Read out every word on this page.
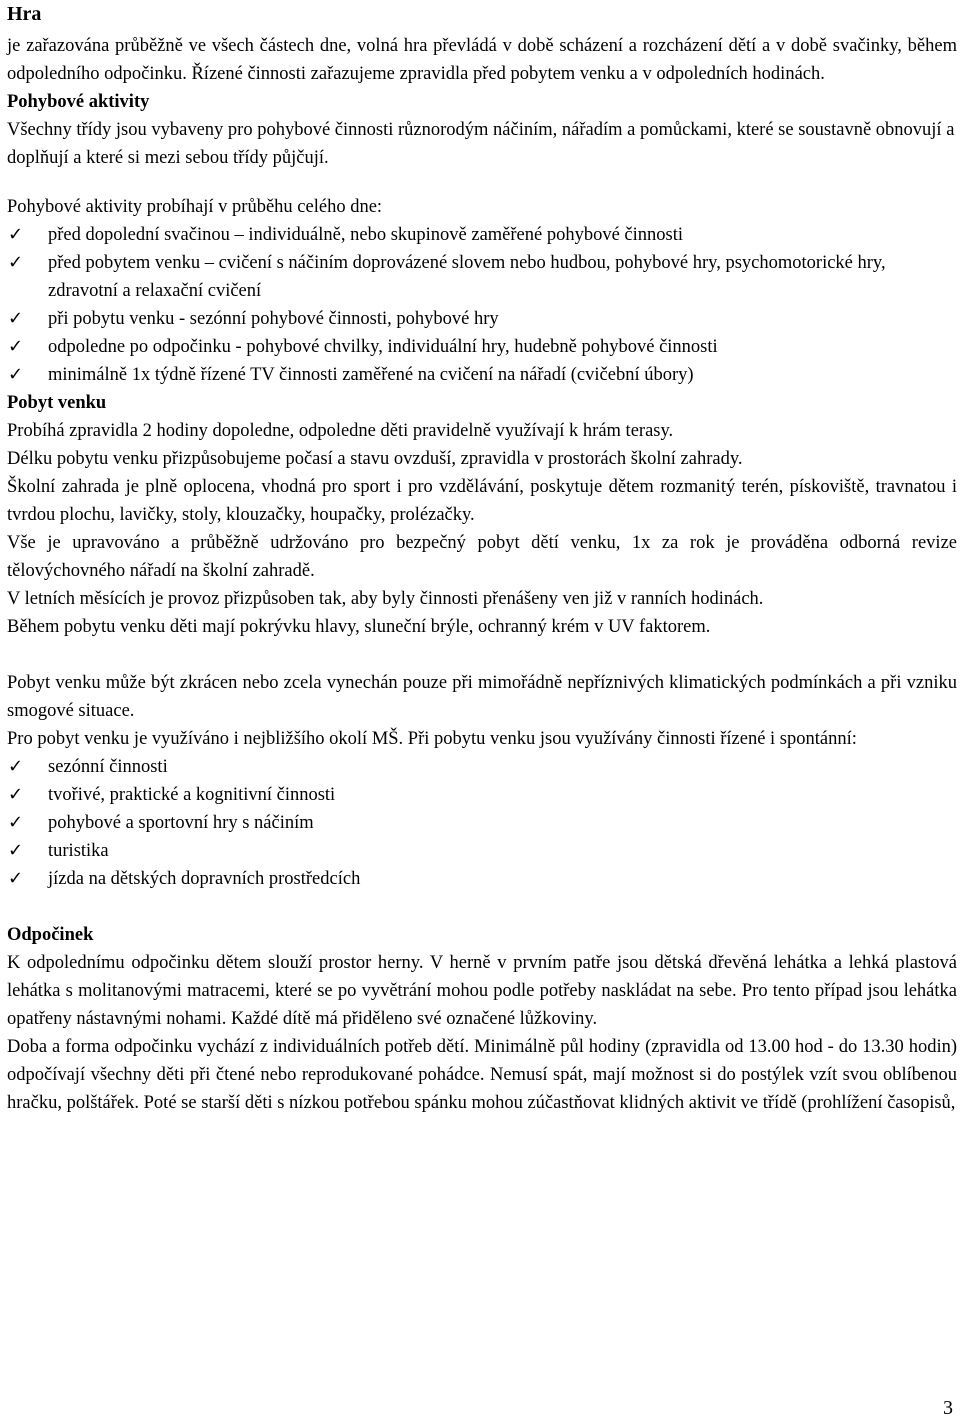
Hra

je zařazována průběžně ve všech částech dne, volná hra převládá v době scházení a rozcházení dětí a v době svačinky, během odpoledního odpočinku. Řízené činnosti zařazujeme zpravidla před pobytem venku a v odpoledních hodinách.

Pohybové aktivity

Všechny třídy jsou vybaveny pro pohybové činnosti různorodým náčiním, nářadím a pomůckami, které se soustavně obnovují a doplňují a které si mezi sebou třídy půjčují.

Pohybové aktivity probíhají v průběhu celého dne:

✓ před dopolední svačinou – individuálně, nebo skupinově zaměřené pohybové činnosti
✓ před pobytem venku – cvičení s náčiním doprovázené slovem nebo hudbou, pohybové hry, psychomotorické hry, zdravotní a relaxační cvičení
✓ při pobytu venku - sezónní pohybové činnosti, pohybové hry
✓ odpoledne po odpočinku - pohybové chvilky, individuální hry, hudebně pohybové činnosti
✓ minimálně 1x týdně řízené TV činnosti zaměřené na cvičení na nářadí (cvičební úbory)
Pobyt venku

Probíhá zpravidla 2 hodiny dopoledne, odpoledne děti pravidelně využívají k hrám terasy.

Délku pobytu venku přizpůsobujeme počasí a stavu ovzduší, zpravidla v prostorách školní zahrady.

Školní zahrada je plně oplocena, vhodná pro sport i pro vzdělávání, poskytuje dětem rozmanitý terén, pískoviště, travnatou i tvrdou plochu, lavičky, stoly, klouzačky, houpačky, prolézačky.

Vše je upravováno a průběžně udržováno pro bezpečný pobyt dětí venku, 1x za rok je prováděna odborná revize tělovýchovného nářadí na školní zahradě.

V letních měsících je provoz přizpůsoben tak, aby byly činnosti přenášeny ven již v ranních hodinách.

Během pobytu venku děti mají pokrývku hlavy, sluneční brýle, ochranný krém v UV faktorem.

Pobyt venku může být zkrácen nebo zcela vynechán pouze při mimořádně nepříznivých klimatických podmínkách a při vzniku smogové situace.

Pro pobyt venku je využíváno i nejbližšího okolí MŠ. Při pobytu venku jsou využívány činnosti řízené i spontánní:

✓ sezónní činnosti
✓ tvořivé, praktické a kognitivní činnosti
✓ pohybové a sportovní hry s náčiním
✓ turistika
✓ jízda na dětských dopravních prostředcích
Odpočinek

K odpolednímu odpočinku dětem slouží prostor herny. V herně v prvním patře jsou dětská dřevěná lehátka a lehká plastová lehátka s molitanovými matracemi, které se po vyvětrání mohou podle potřeby naskládat na sebe. Pro tento případ jsou lehátka opatřeny nástavnými nohami. Každé dítě má přiděleno své označené lůžkoviny.

Doba a forma odpočinku vychází z individuálních potřeb dětí. Minimálně půl hodiny (zpravidla od 13.00 hod - do 13.30 hodin) odpočívají všechny děti při čtené nebo reprodukované pohádce. Nemusí spát, mají možnost si do postýlek vzít svou oblíbenou hračku, polštářek. Poté se starší děti s nízkou potřebou spánku mohou zúčastňovat klidných aktivit ve třídě (prohlížení časopisů,

3
